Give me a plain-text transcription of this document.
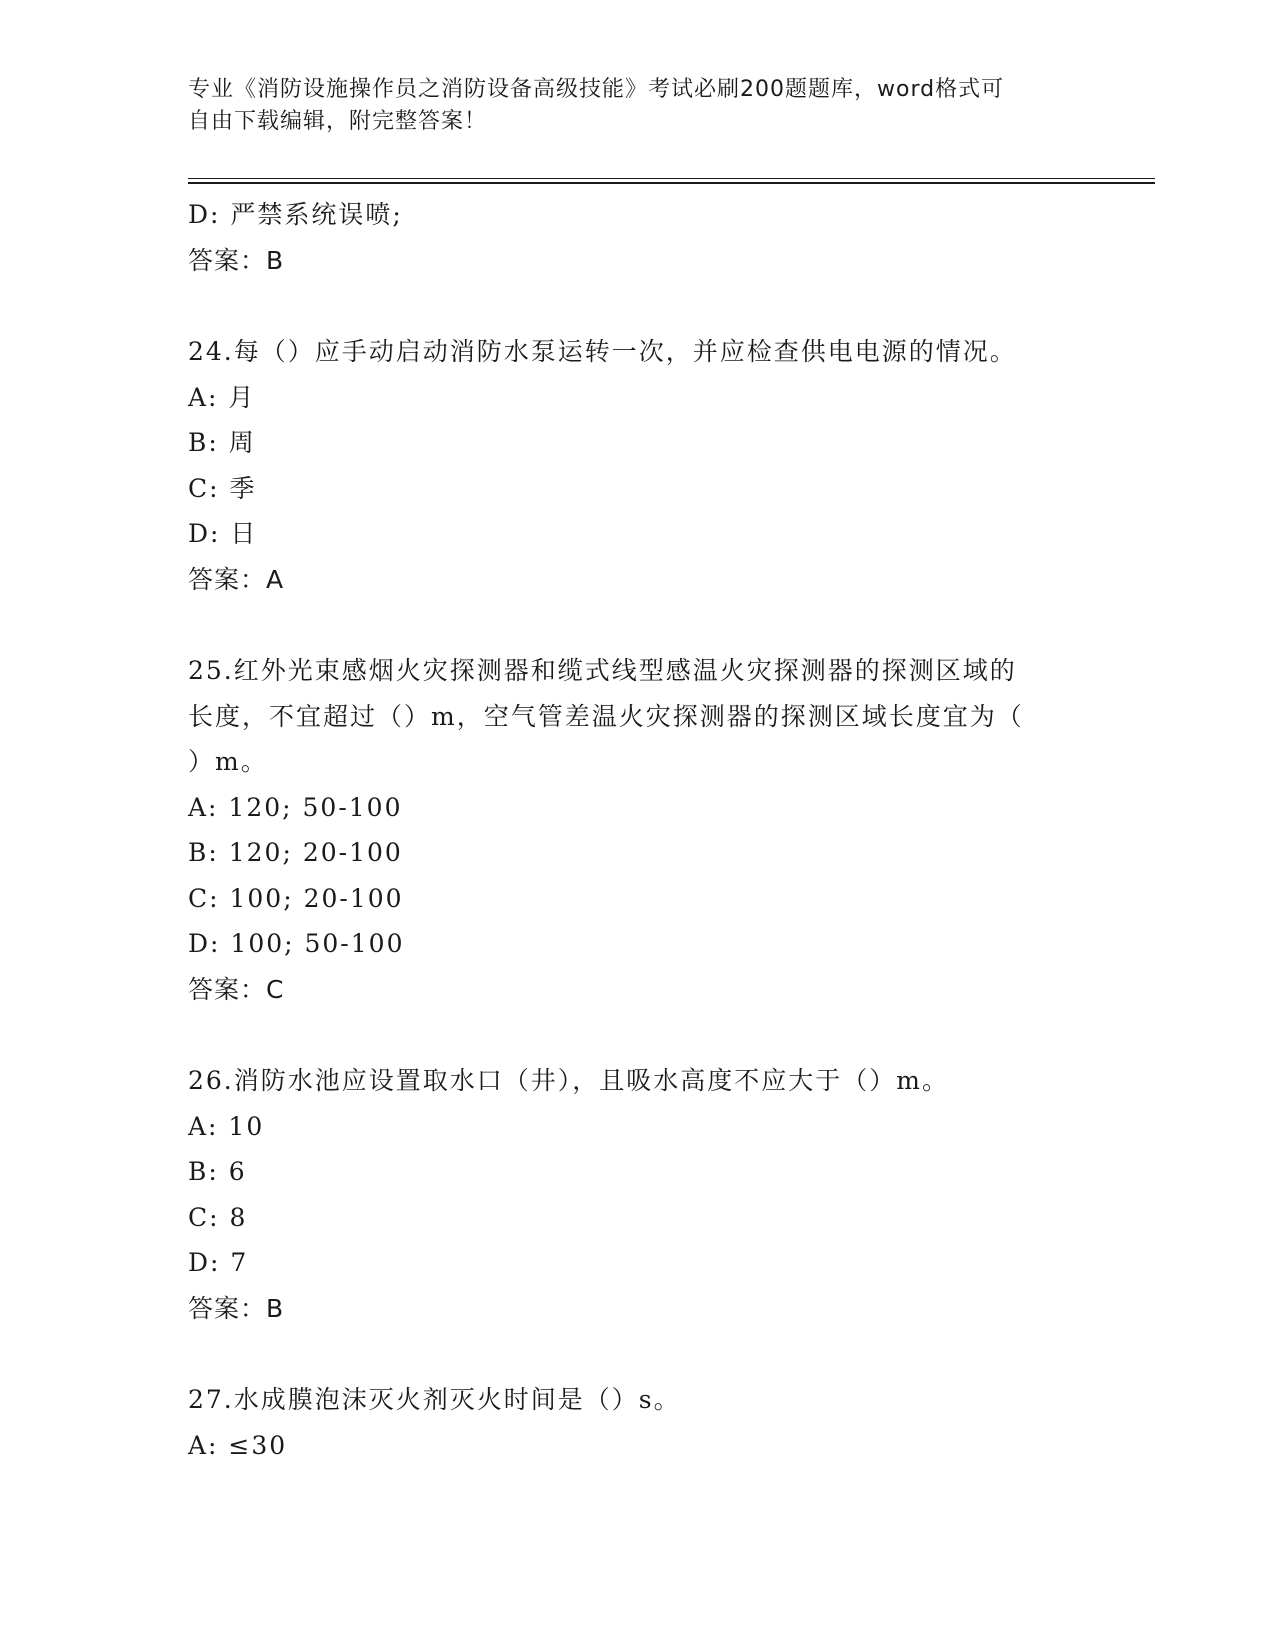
专业《消防设施操作员之消防设备高级技能》考试必刷200题题库，word格式可
自由下载编辑，附完整答案！
D: 严禁系统误喷;
答案：B
24.每（）应手动启动消防水泵运转一次，并应检查供电电源的情况。
A: 月
B: 周
C: 季
D: 日
答案：A
25.红外光束感烟火灾探测器和缆式线型感温火灾探测器的探测区域的
长度，不宜超过（）m，空气管差温火灾探测器的探测区域长度宜为（
）m。
A: 120; 50-100
B: 120; 20-100
C: 100; 20-100
D: 100; 50-100
答案：C
26.消防水池应设置取水口（井），且吸水高度不应大于（）m。
A: 10
B: 6
C: 8
D: 7
答案：B
27.水成膜泡沫灭火剂灭火时间是（）s。
A: ≤30
